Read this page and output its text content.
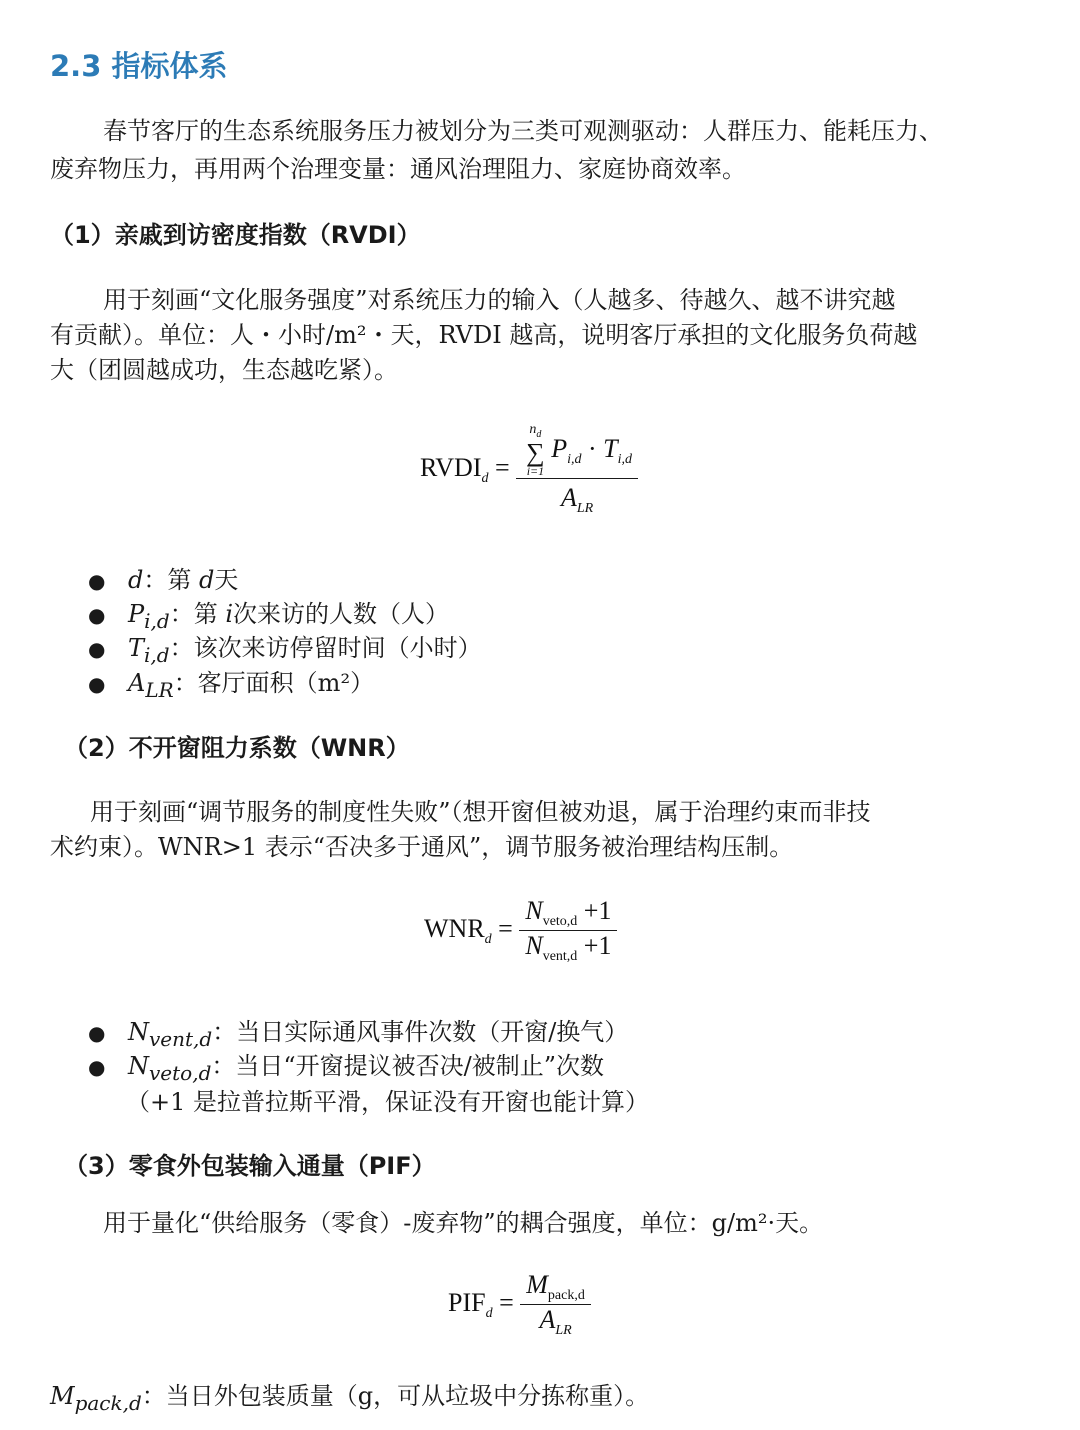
2.3 指标体系
春节客厅的生态系统服务压力被划分为三类可观测驱动：人群压力、能耗压力、
废弃物压力，再用两个治理变量：通风治理阻力、家庭协商效率。
（1）亲戚到访密度指数（RVDI）
用于刻画“文化服务强度”对系统压力的输入（人越多、待越久、越不讲究越
有贡献）。单位：人・小时/m²・天，RVDI 越高，说明客厅承担的文化服务负荷越
大（团圆越成功，生态越吃紧）。
$RVDI_d$ =
$n_d$
∑
i=1 $P_{i,d} \cdot T_{i,d}$
$A_{LR}$
● d：第 d天
● $P_{i,d}$：第 i次来访的人数（人）
● $T_{i,d}$：该次来访停留时间（小时）
● $A_{LR}$：客厅面积（m²）
（2）不开窗阻力系数（WNR）
用于刻画“调节服务的制度性失败”（想开窗但被劝退，属于治理约束而非技
术约束）。WNR>1 表示“否决多于通风”，调节服务被治理结构压制。
$WNR_d = \frac{N_{veto,d} +1}{N_{vent,d} +1}$
● $N_{vent,d}$：当日实际通风事件次数（开窗/换气）
● $N_{veto,d}$：当日“开窗提议被否决/被制止”次数
（+1 是拉普拉斯平滑，保证没有开窗也能计算）
（3）零食外包装输入通量（PIF）
用于量化“供给服务（零食）-废弃物”的耦合强度，单位：g/m²·天。
$PIF_d = \frac{M_{pack,d}}{A_{LR}}$
$M_{pack,d}$：当日外包装质量（g，可从垃圾中分拣称重）。
